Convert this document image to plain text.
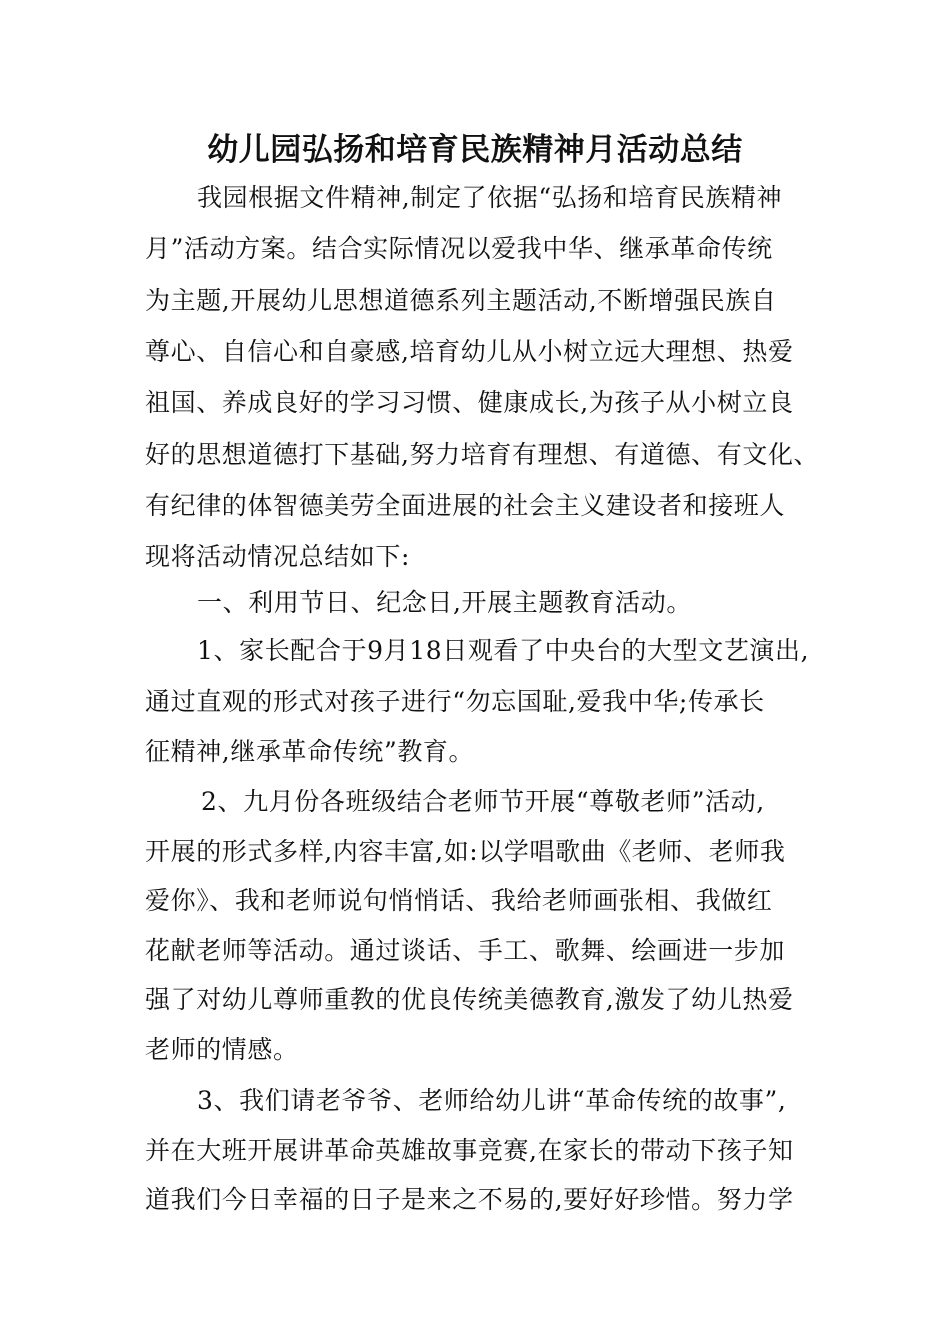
幼儿园弘扬和培育民族精神月活动总结
我园根据文件精神,制定了依据“弘扬和培育民族精神
月”活动方案。结合实际情况以爱我中华、继承革命传统
为主题,开展幼儿思想道德系列主题活动,不断增强民族自
尊心、自信心和自豪感,培育幼儿从小树立远大理想、热爱
祖国、养成良好的学习习惯、健康成长,为孩子从小树立良
好的思想道德打下基础,努力培育有理想、有道德、有文化、
有纪律的体智德美劳全面进展的社会主义建设者和接班人
现将活动情况总结如下:
一、利用节日、纪念日,开展主题教育活动。
1、家长配合于9月18日观看了中央台的大型文艺演出,
通过直观的形式对孩子进行“勿忘国耻,爱我中华;传承长
征精神,继承革命传统”教育。
2、九月份各班级结合老师节开展“尊敬老师”活动,
开展的形式多样,内容丰富,如:以学唱歌曲《老师、老师我
爱你》、我和老师说句悄悄话、我给老师画张相、我做红
花献老师等活动。通过谈话、手工、歌舞、绘画进一步加
强了对幼儿尊师重教的优良传统美德教育,激发了幼儿热爱
老师的情感。
3、我们请老爷爷、老师给幼儿讲“革命传统的故事”,
并在大班开展讲革命英雄故事竞赛,在家长的带动下孩子知
道我们今日幸福的日子是来之不易的,要好好珍惜。努力学
